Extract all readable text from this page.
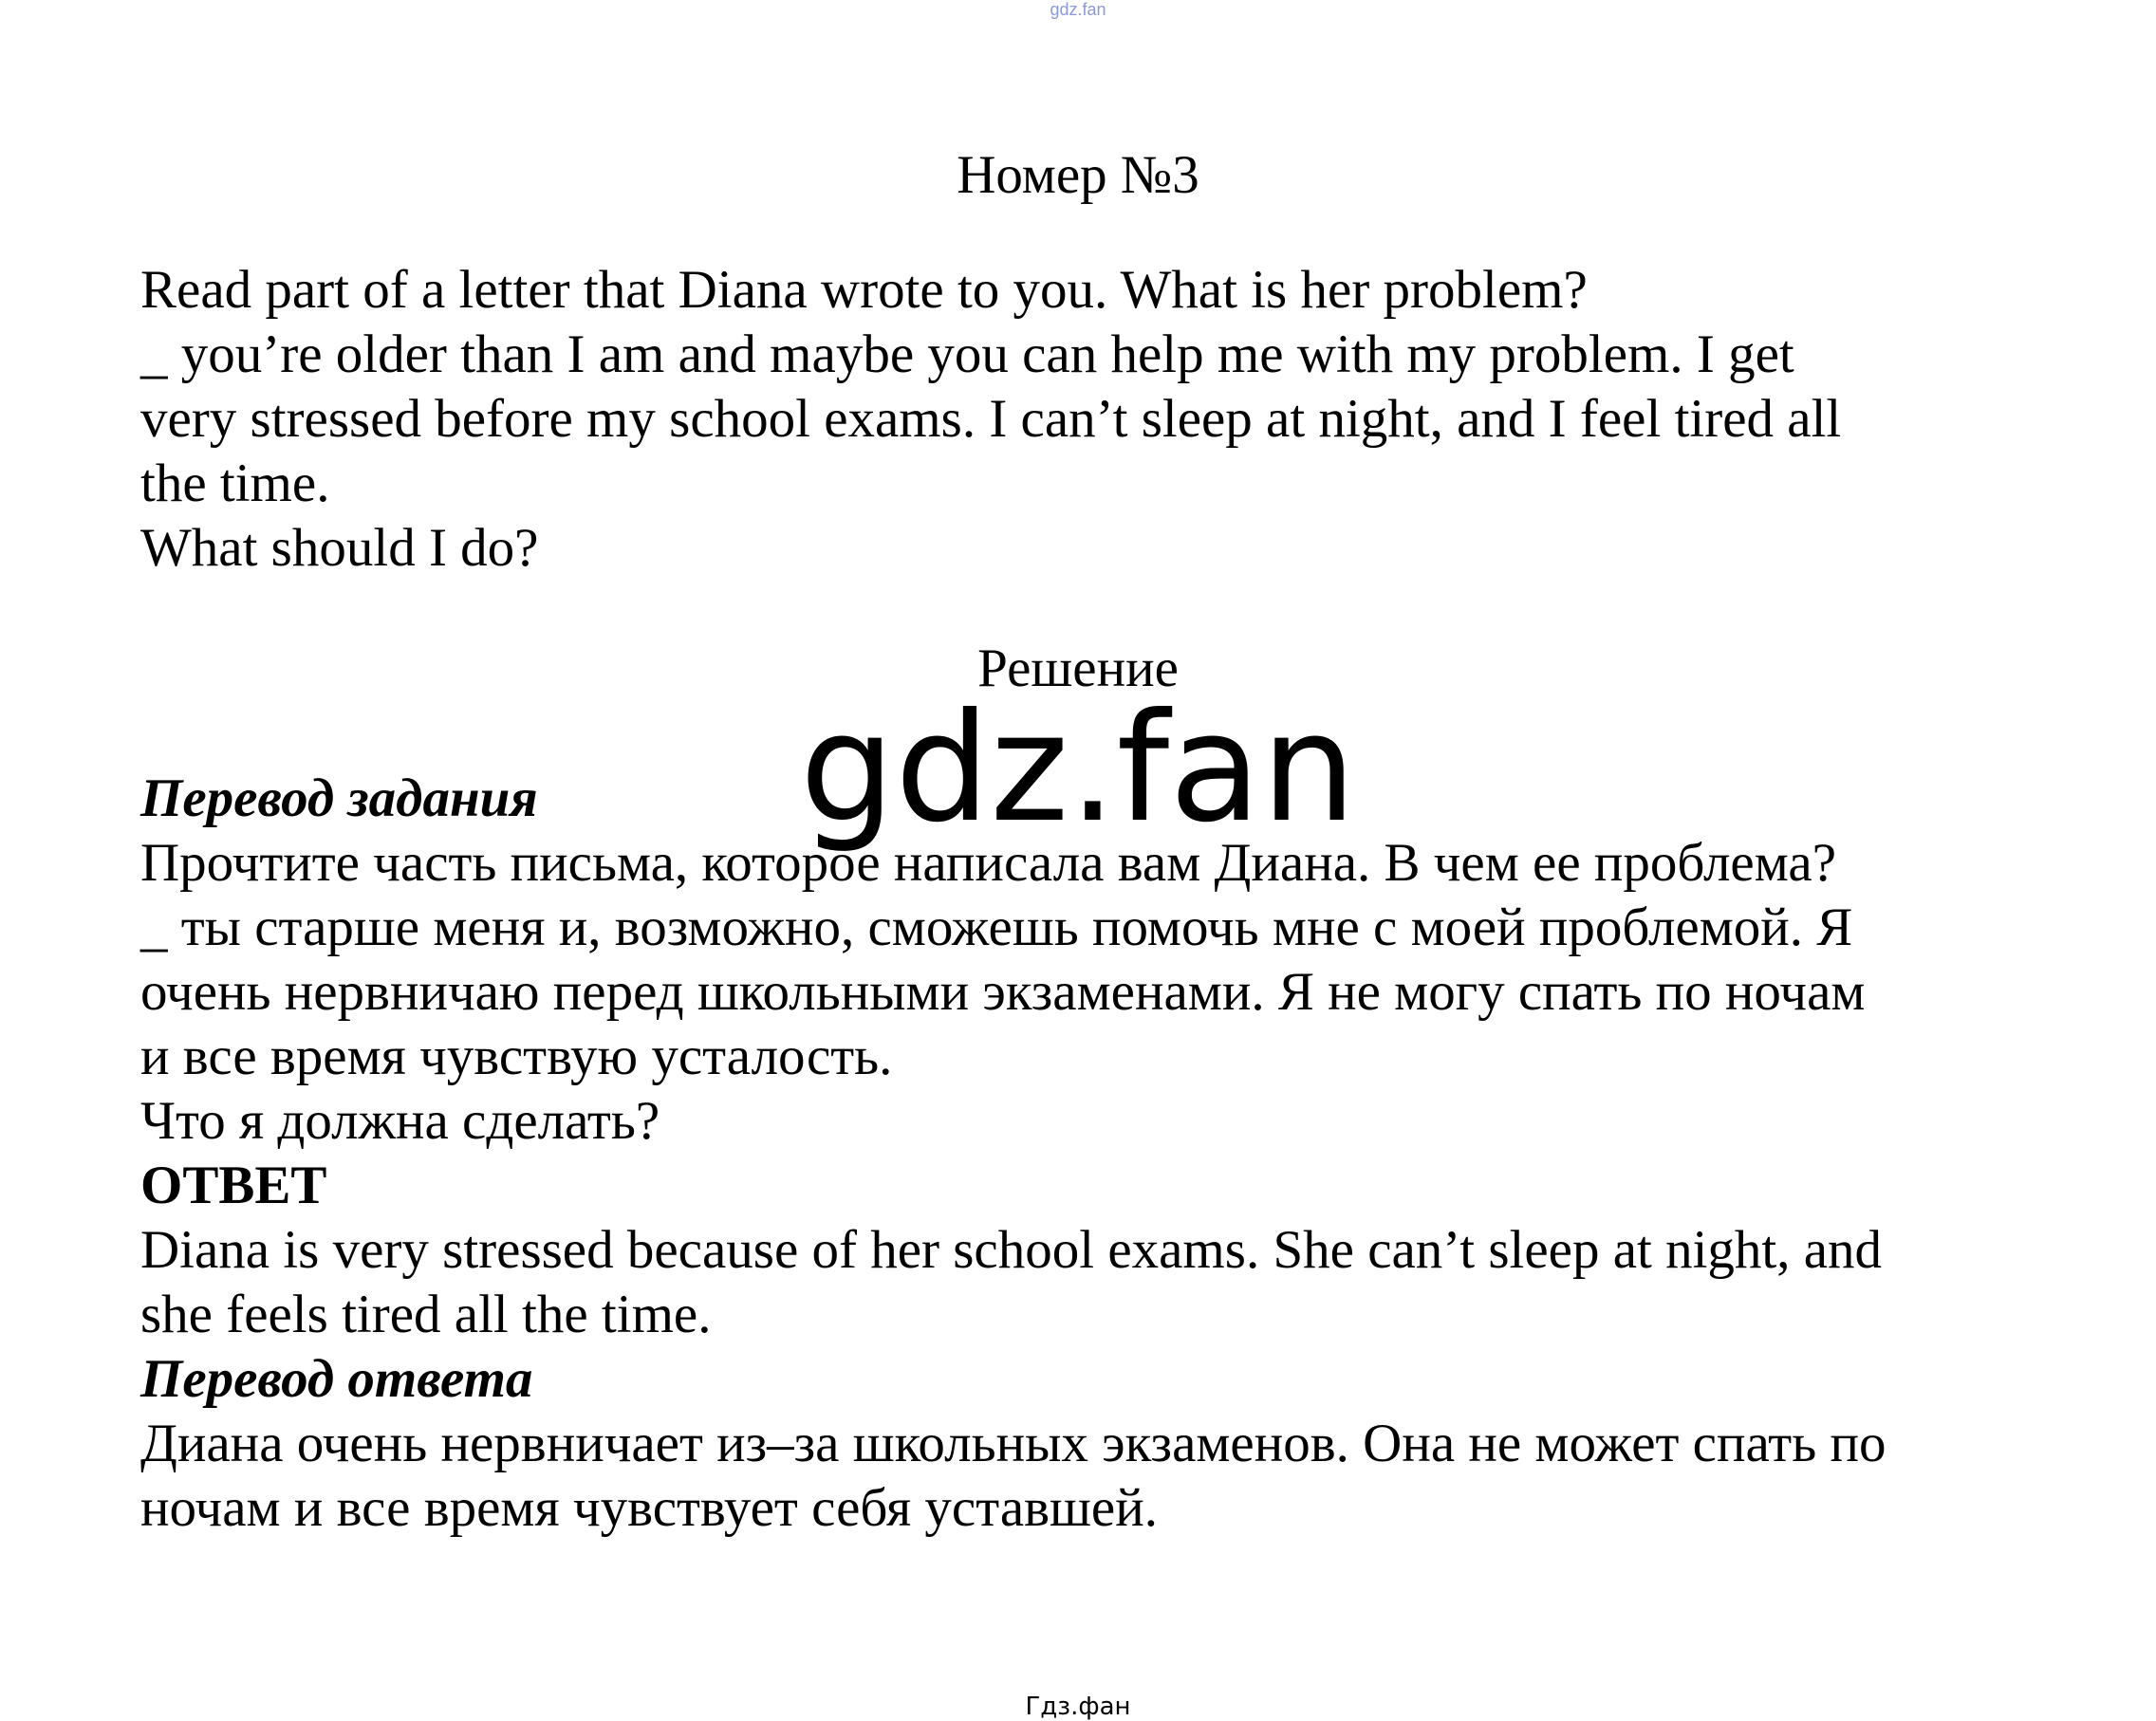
gdz.fan
Номер №3
Read part of a letter that Diana wrote to you. What is her problem?
_ you’re older than I am and maybe you can help me with my problem. I get
very stressed before my school exams. I can’t sleep at night, and I feel tired all
the time.
What should I do?
Решение
Перевод задания
Прочтите часть письма, которое написала вам Диана. В чем ее проблема?
_ ты старше меня и, возможно, сможешь помочь мне с моей проблемой. Я
очень нервничаю перед школьными экзаменами. Я не могу спать по ночам
и все время чувствую усталость.
Что я должна сделать?
ОТВЕТ
Diana is very stressed because of her school exams. She can’t sleep at night, and
she feels tired all the time.
Перевод ответа
Диана очень нервничает из–за школьных экзаменов. Она не может спать по
ночам и все время чувствует себя уставшей.
gdz.fan
Гдз.фан
